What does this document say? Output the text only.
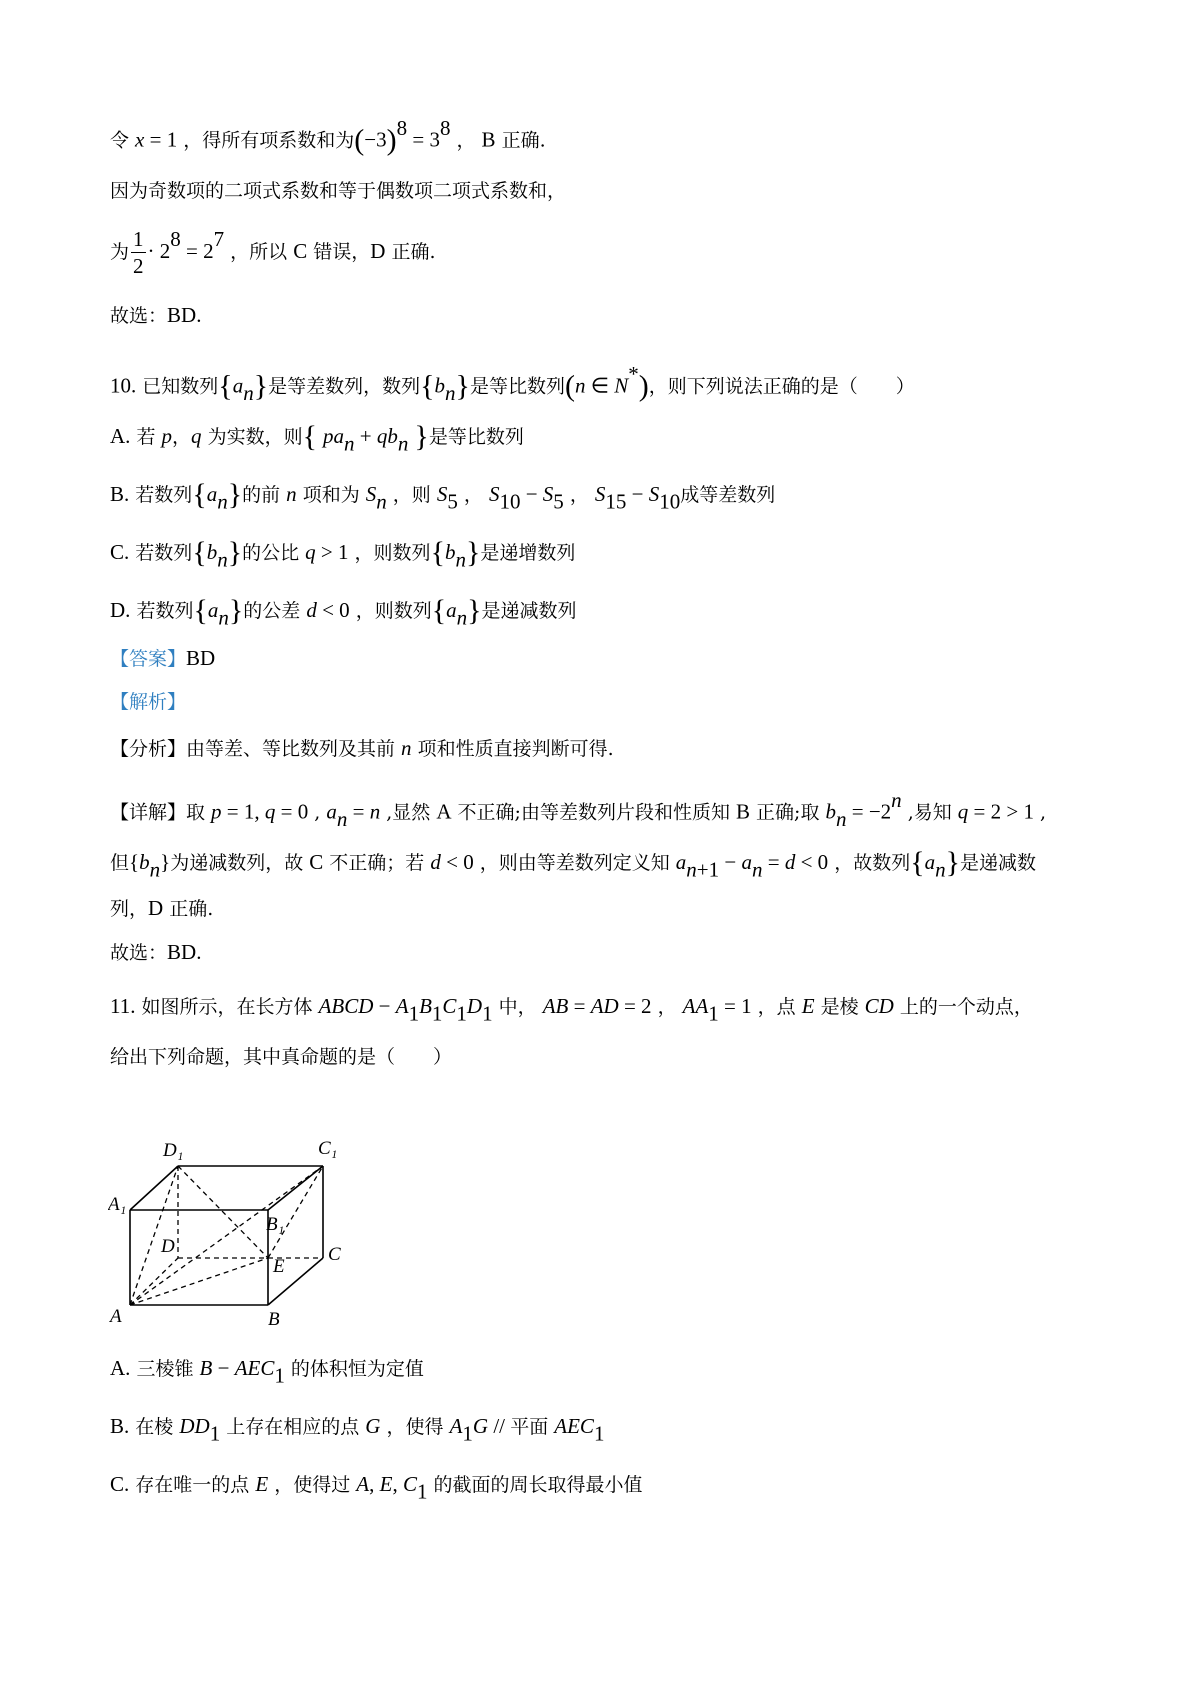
令 x = 1 ，得所有项系数和为$(-3)^8 = 3^8$ ， B 正确.
因为奇数项的二项式系数和等于偶数项二项式系数和，
为 $\frac{1}{2} \cdot 2^8 = 2^7$ ，所以 C 错误，D 正确.
故选：BD.
10. 已知数列$\{a_n\}$是等差数列，数列$\{b_n\}$是等比数列(n ∈ N*)，则下列说法正确的是（　　）
A. 若 p，q 为实数，则{ $pa_n + qb_n$ }是等比数列
B. 若数列$\{a_n\}$的前 n 项和为 $S_n$ ，则 $S_5$ ， $S_{10} - S_5$ ， $S_{15} - S_{10}$成等差数列
C. 若数列$\{b_n\}$的公比 q > 1 ，则数列$\{b_n\}$是递增数列
D. 若数列$\{a_n\}$的公差 d < 0 ，则数列$\{a_n\}$是递减数列
【答案】BD
【解析】
【分析】由等差、等比数列及其前 n 项和性质直接判断可得.
【详解】取 p = 1, q = 0 , $a_n = n$ ,显然 A 不正确;由等差数列片段和性质知 B 正确;取 $b_n = -2^n$ ,易知 q = 2 > 1 ,
但$\{b_n\}$为递减数列，故 C 不正确；若 d < 0 ，则由等差数列定义知 $a_{n+1} - a_n = d < 0$ ，故数列$\{a_n\}$是递减数
列，D 正确.
故选：BD.
11. 如图所示，在长方体 ABCD − $A_1B_1C_1D_1$ 中， AB = AD = 2 ， $AA_1 = 1$ ，点 E 是棱 CD 上的一个动点，
给出下列命题，其中真命题的是（　　）
D₁	C₁
A₁
B₁
D	C
E
A	B
A. 三棱锥 $B - AEC_1$ 的体积恒为定值
B. 在棱 $DD_1$ 上存在相应的点 G ，使得 $A_1G$ // 平面 $AEC_1$
C. 存在唯一的点 E ，使得过 A, E, $C_1$ 的截面的周长取得最小值
